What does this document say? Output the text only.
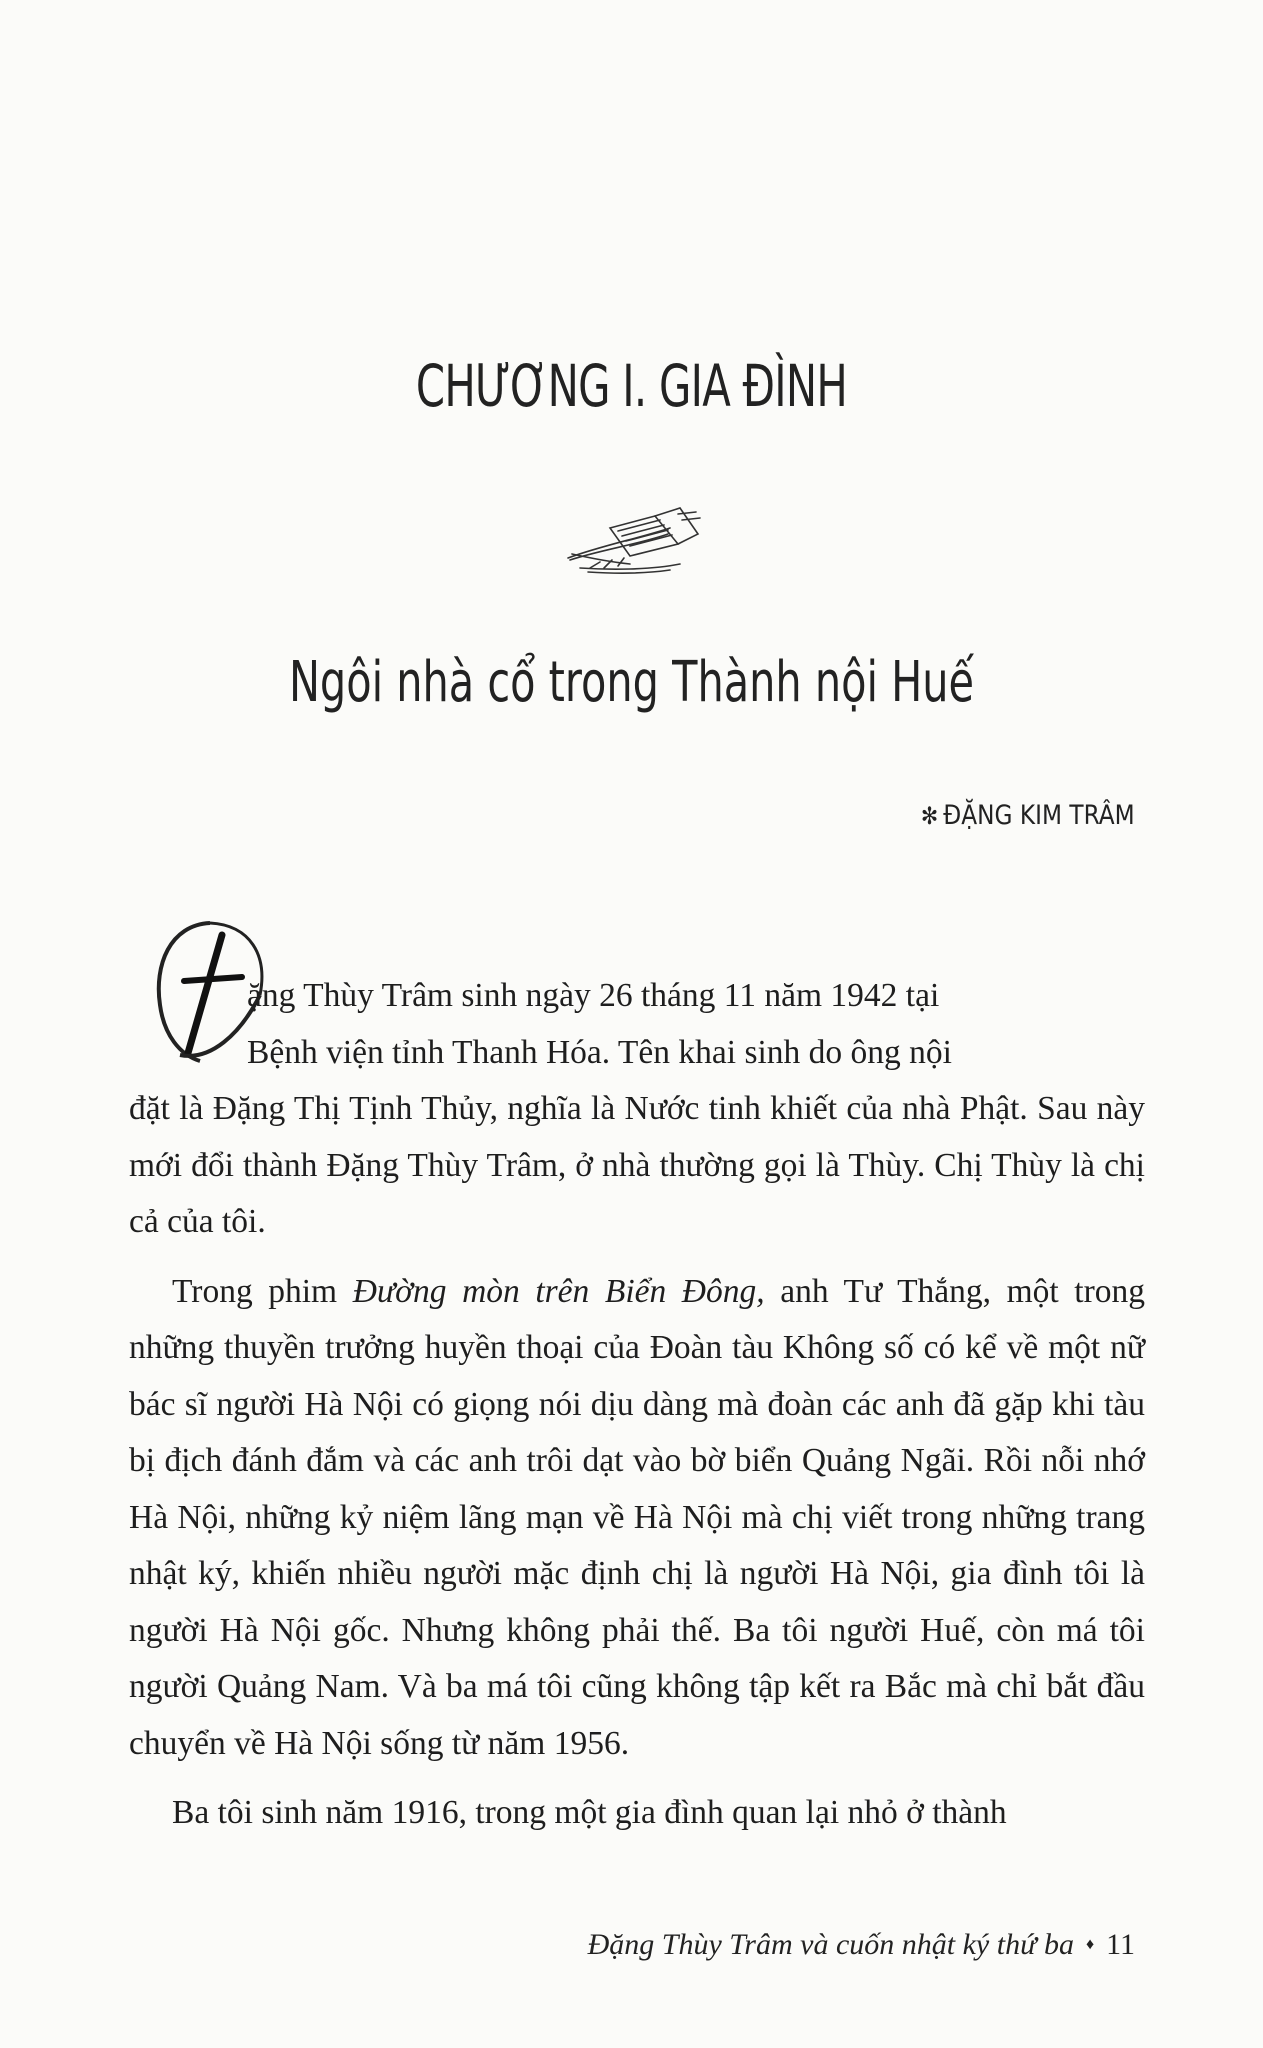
CHƯƠNG I. GIA ĐÌNH
Ngôi nhà cổ trong Thành nội Huế
✻ ĐẶNG KIM TRÂM

ặng Thùy Trâm sinh ngày 26 tháng 11 năm 1942 tại

Bệnh viện tỉnh Thanh Hóa. Tên khai sinh do ông nội

đặt là Đặng Thị Tịnh Thủy, nghĩa là Nước tinh khiết của nhà Phật. Sau này mới đổi thành Đặng Thùy Trâm, ở nhà thường gọi là Thùy. Chị Thùy là chị cả của tôi.

Trong phim Đường mòn trên Biển Đông, anh Tư Thắng, một trong những thuyền trưởng huyền thoại của Đoàn tàu Không số có kể về một nữ bác sĩ người Hà Nội có giọng nói dịu dàng mà đoàn các anh đã gặp khi tàu bị địch đánh đắm và các anh trôi dạt vào bờ biển Quảng Ngãi. Rồi nỗi nhớ Hà Nội, những kỷ niệm lãng mạn về Hà Nội mà chị viết trong những trang nhật ký, khiến nhiều người mặc định chị là người Hà Nội, gia đình tôi là người Hà Nội gốc. Nhưng không phải thế. Ba tôi người Huế, còn má tôi người Quảng Nam. Và ba má tôi cũng không tập kết ra Bắc mà chỉ bắt đầu chuyển về Hà Nội sống từ năm 1956.

Ba tôi sinh năm 1916, trong một gia đình quan lại nhỏ ở thành

Đặng Thùy Trâm và cuốn nhật ký thứ ba ♦ 11
